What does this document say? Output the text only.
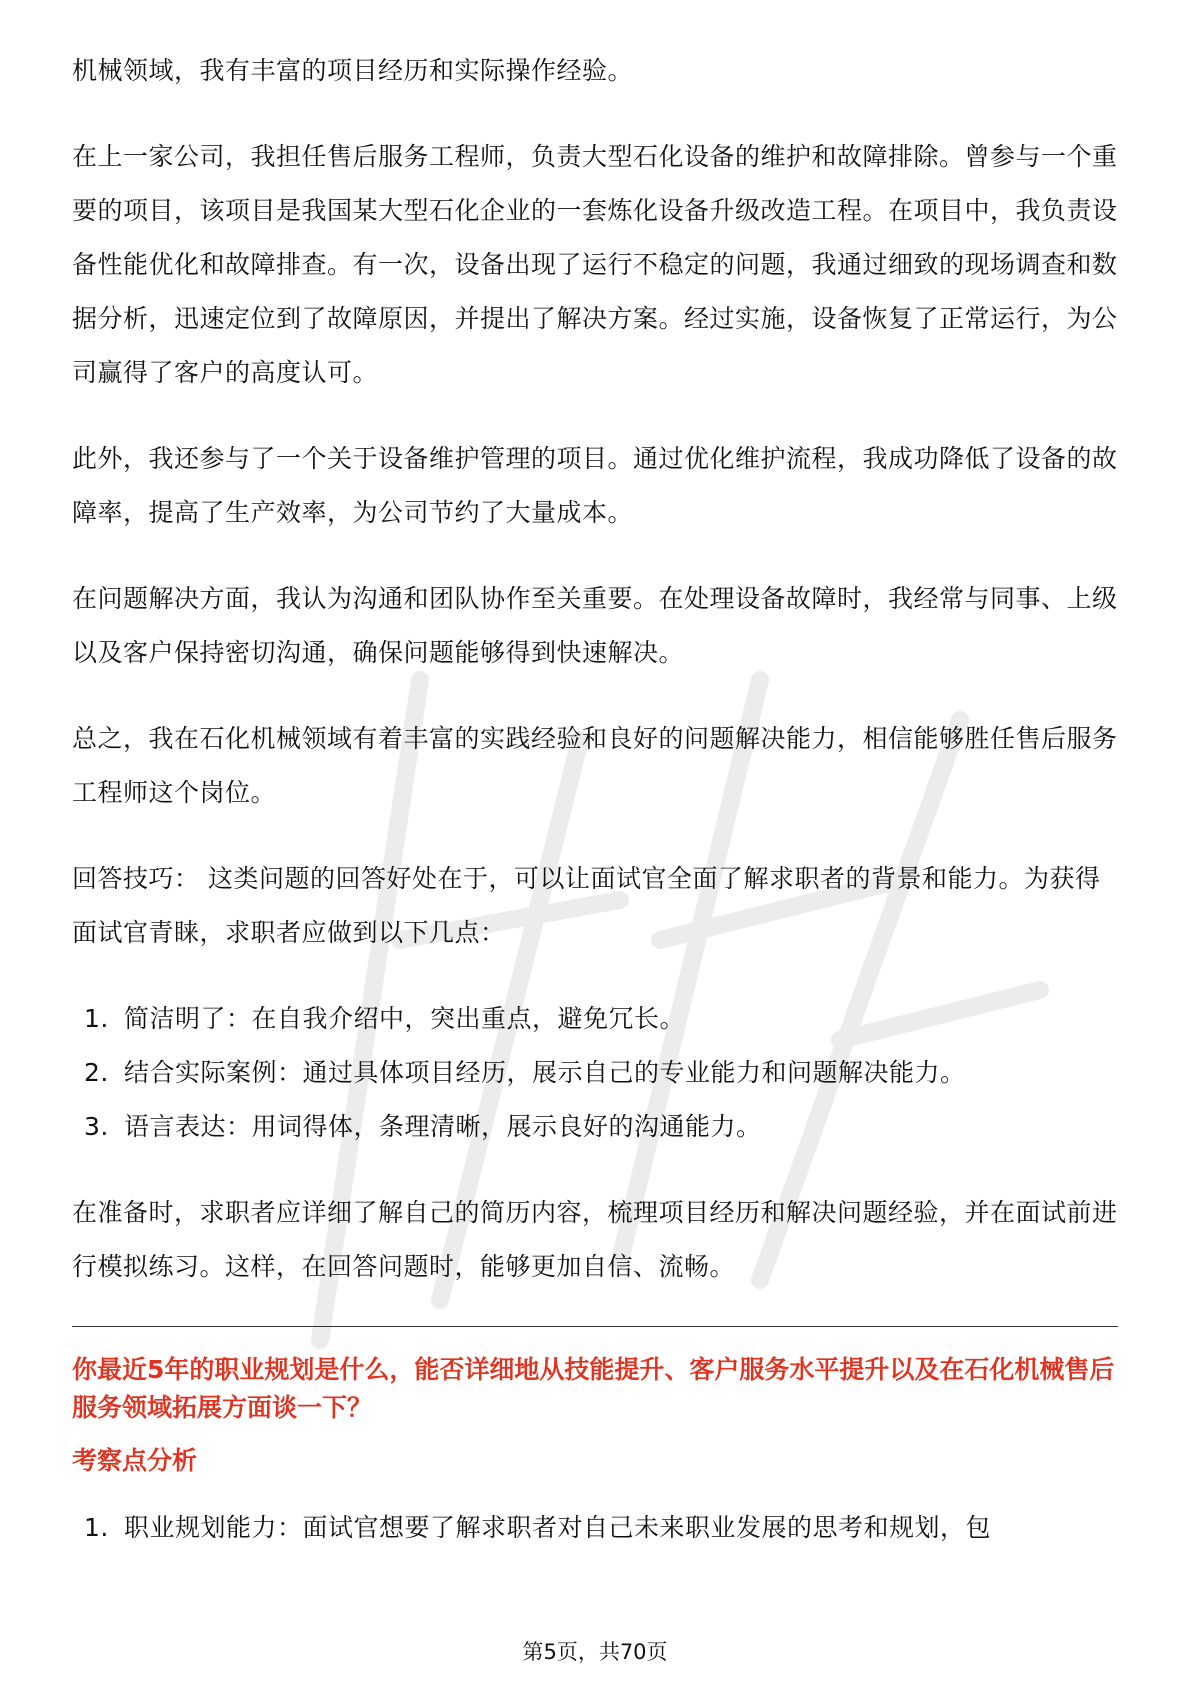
机械领域，我有丰富的项目经历和实际操作经验。

在上一家公司，我担任售后服务工程师，负责大型石化设备的维护和故障排除。曾参与一个重要的项目，该项目是我国某大型石化企业的一套炼化设备升级改造工程。在项目中，我负责设备性能优化和故障排查。有一次，设备出现了运行不稳定的问题，我通过细致的现场调查和数据分析，迅速定位到了故障原因，并提出了解决方案。经过实施，设备恢复了正常运行，为公司赢得了客户的高度认可。

此外，我还参与了一个关于设备维护管理的项目。通过优化维护流程，我成功降低了设备的故障率，提高了生产效率，为公司节约了大量成本。

在问题解决方面，我认为沟通和团队协作至关重要。在处理设备故障时，我经常与同事、上级以及客户保持密切沟通，确保问题能够得到快速解决。

总之，我在石化机械领域有着丰富的实践经验和良好的问题解决能力，相信能够胜任售后服务工程师这个岗位。

回答技巧： 这类问题的回答好处在于，可以让面试官全面了解求职者的背景和能力。为获得面试官青睐，求职者应做到以下几点：

1. 简洁明了：在自我介绍中，突出重点，避免冗长。
2. 结合实际案例：通过具体项目经历，展示自己的专业能力和问题解决能力。
3. 语言表达：用词得体，条理清晰，展示良好的沟通能力。

在准备时，求职者应详细了解自己的简历内容，梳理项目经历和解决问题经验，并在面试前进行模拟练习。这样，在回答问题时，能够更加自信、流畅。

你最近5年的职业规划是什么，能否详细地从技能提升、客户服务水平提升以及在石化机械售后服务领域拓展方面谈一下？

考察点分析

1. 职业规划能力：面试官想要了解求职者对自己未来职业发展的思考和规划，包
第5页，共70页
